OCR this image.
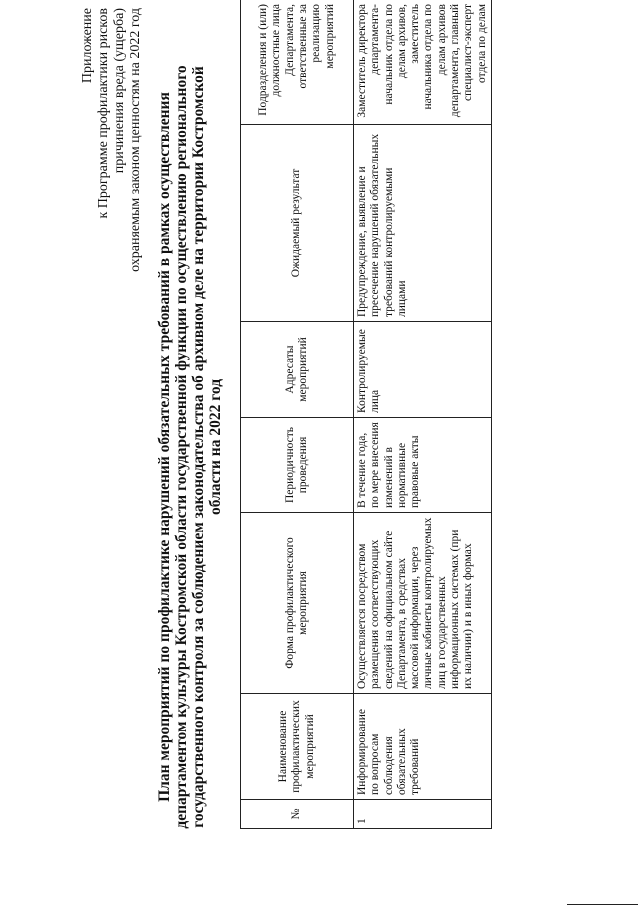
Приложение к Программе профилактики рисков причинения вреда (ущерба) охраняемым законом ценностям на 2022 год План мероприятий по профилактике нарушений обязательных требований в рамках осуществления департаментом культуры Костромской области государственной функции по осуществлению регионального государственного контроля за соблюдением законодательства об архивном деле на территории Костромской области на 2022 год
№	Наименование профилактических мероприятий	Форма профилактического мероприятия	Периодичность проведения	Адресаты мероприятий	Ожидаемый результат	Подразделения и (или) должностные лица Департамента, ответственные за реализацию мероприятий
1	Информирование по вопросам соблюдения обязательных требований	Осуществляется посредством размещения соответствующих сведений на официальном сайте Департамента, в средствах массовой информации, через личные кабинеты контролируемых лиц в государственных информационных системах (при их наличии) и в иных формах	В течение года, по мере внесения изменений в нормативные правовые акты	Контролируемые лица	Предупреждение, выявление и пресечение нарушений обязательных требований контролируемыми лицами	Заместитель директора департамента-начальник отдела по делам архивов, заместитель начальника отдела по делам архивов департамента, главный специалист-эксперт отдела по делам
